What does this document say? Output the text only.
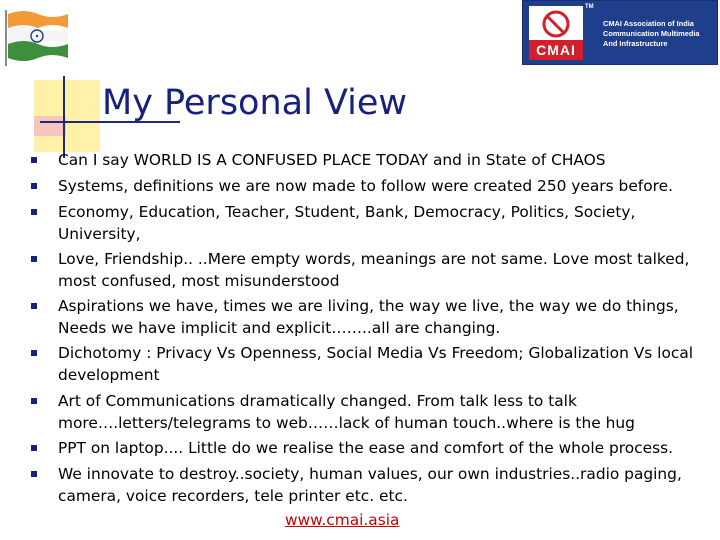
CMAI
TM
CMAI Association of India
Communication Multimedia
And Infrastructure
My Personal View
Can I say WORLD IS A CONFUSED PLACE TODAY and in State of CHAOS
Systems, definitions we are now made to follow were created 250 years before.
Economy, Education, Teacher, Student, Bank, Democracy, Politics, Society,
University,
Love, Friendship.. ..Mere empty words, meanings are not same. Love most talked,
most confused, most misunderstood
Aspirations we have, times we are living, the way we live, the way we do things,
Needs we have implicit and explicit……..all are changing.
Dichotomy : Privacy Vs Openness, Social Media Vs Freedom; Globalization Vs local
development
Art of Communications dramatically changed. From talk less to talk
more….letters/telegrams to web……lack of human touch..where is the hug
PPT on laptop.... Little do we realise the ease and comfort of the whole process.
We innovate to destroy..society, human values, our own industries..radio paging,
camera, voice recorders, tele printer etc. etc.
www.cmai.asia
